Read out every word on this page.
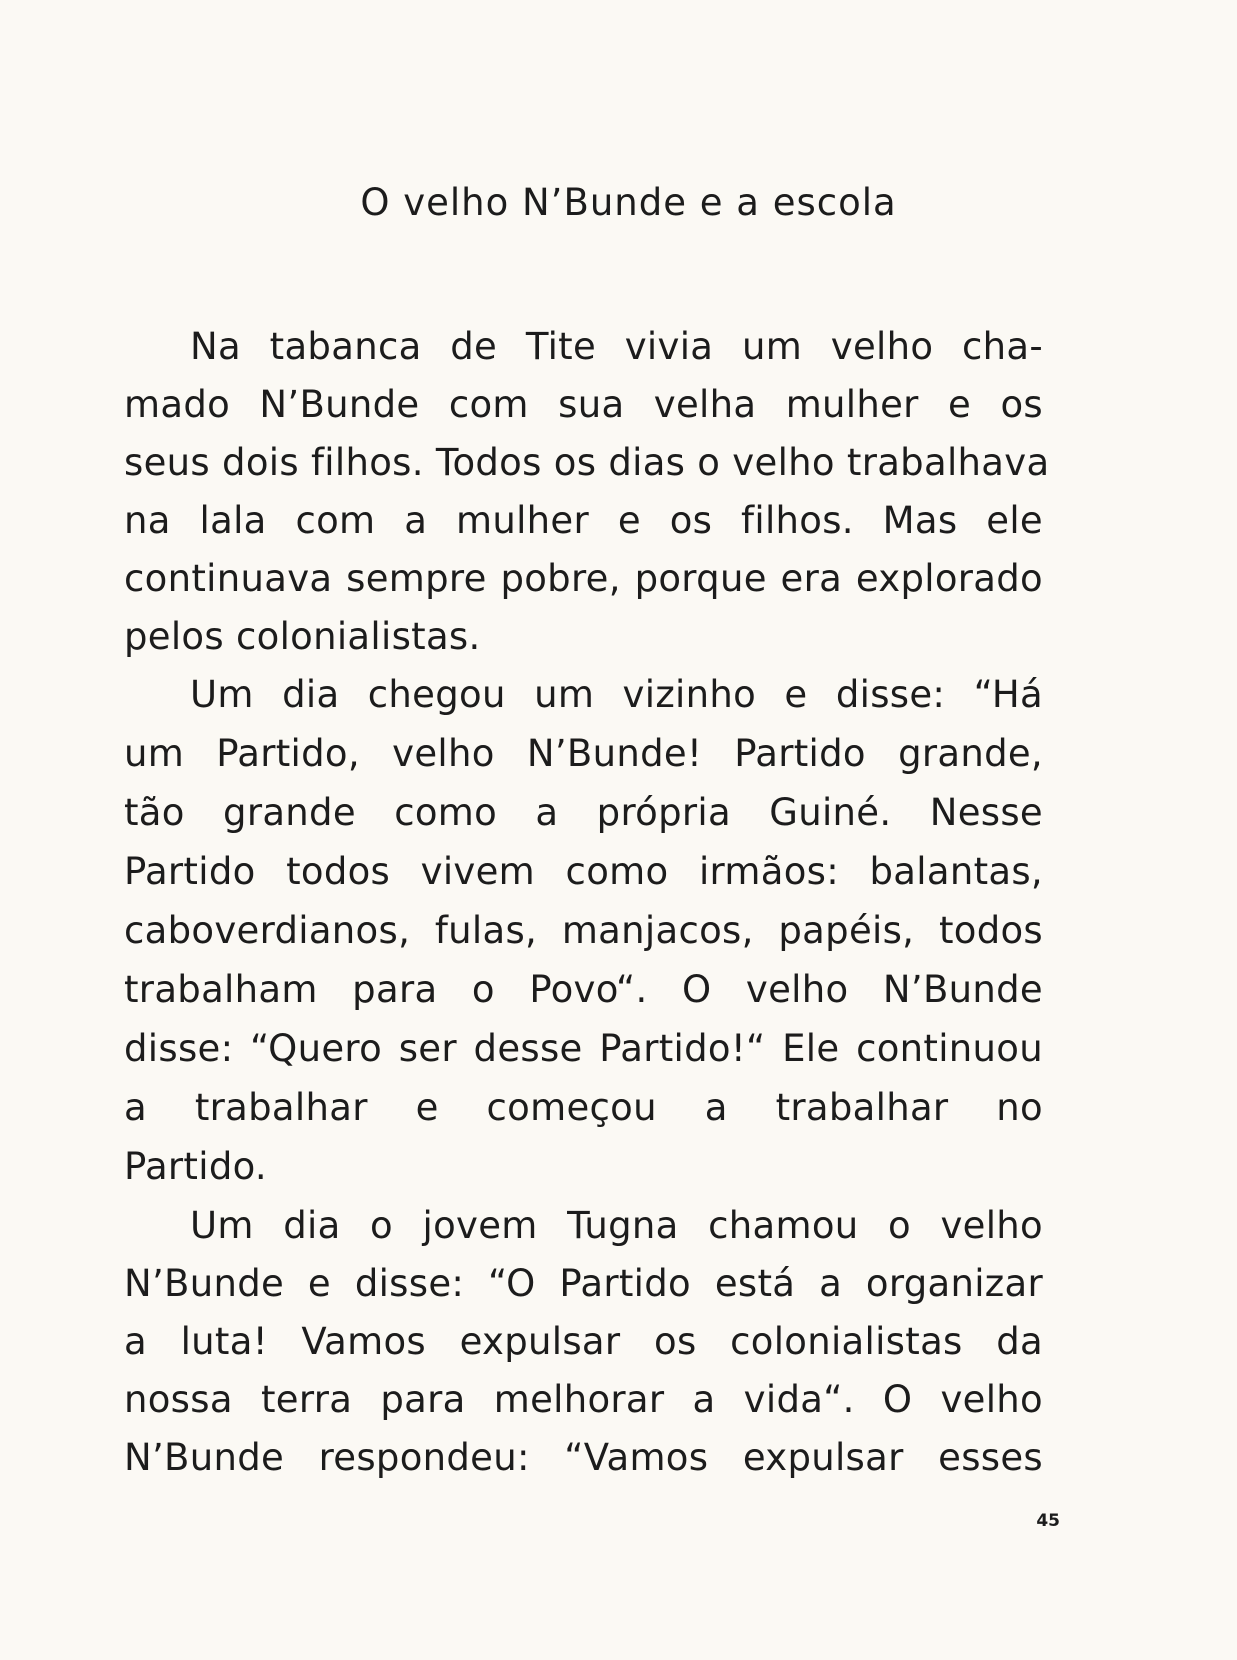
O velho N’Bunde e a escola
Na tabanca de Tite vivia um velho cha-
mado N’Bunde com sua velha mulher e os
seus dois filhos. Todos os dias o velho trabalhava
na lala com a mulher e os filhos. Mas ele
continuava sempre pobre, porque era explorado
pelos colonialistas.
Um dia chegou um vizinho e disse: “Há
um Partido, velho N’Bunde! Partido grande,
tão grande como a própria Guiné. Nesse
Partido todos vivem como irmãos: balantas,
caboverdianos, fulas, manjacos, papéis, todos
trabalham para o Povo“. O velho N’Bunde
disse: “Quero ser desse Partido!“ Ele continuou
a trabalhar e começou a trabalhar no
Partido.
Um dia o jovem Tugna chamou o velho
N’Bunde e disse: “O Partido está a organizar
a luta! Vamos expulsar os colonialistas da
nossa terra para melhorar a vida“. O velho
N’Bunde respondeu: “Vamos expulsar esses
45
